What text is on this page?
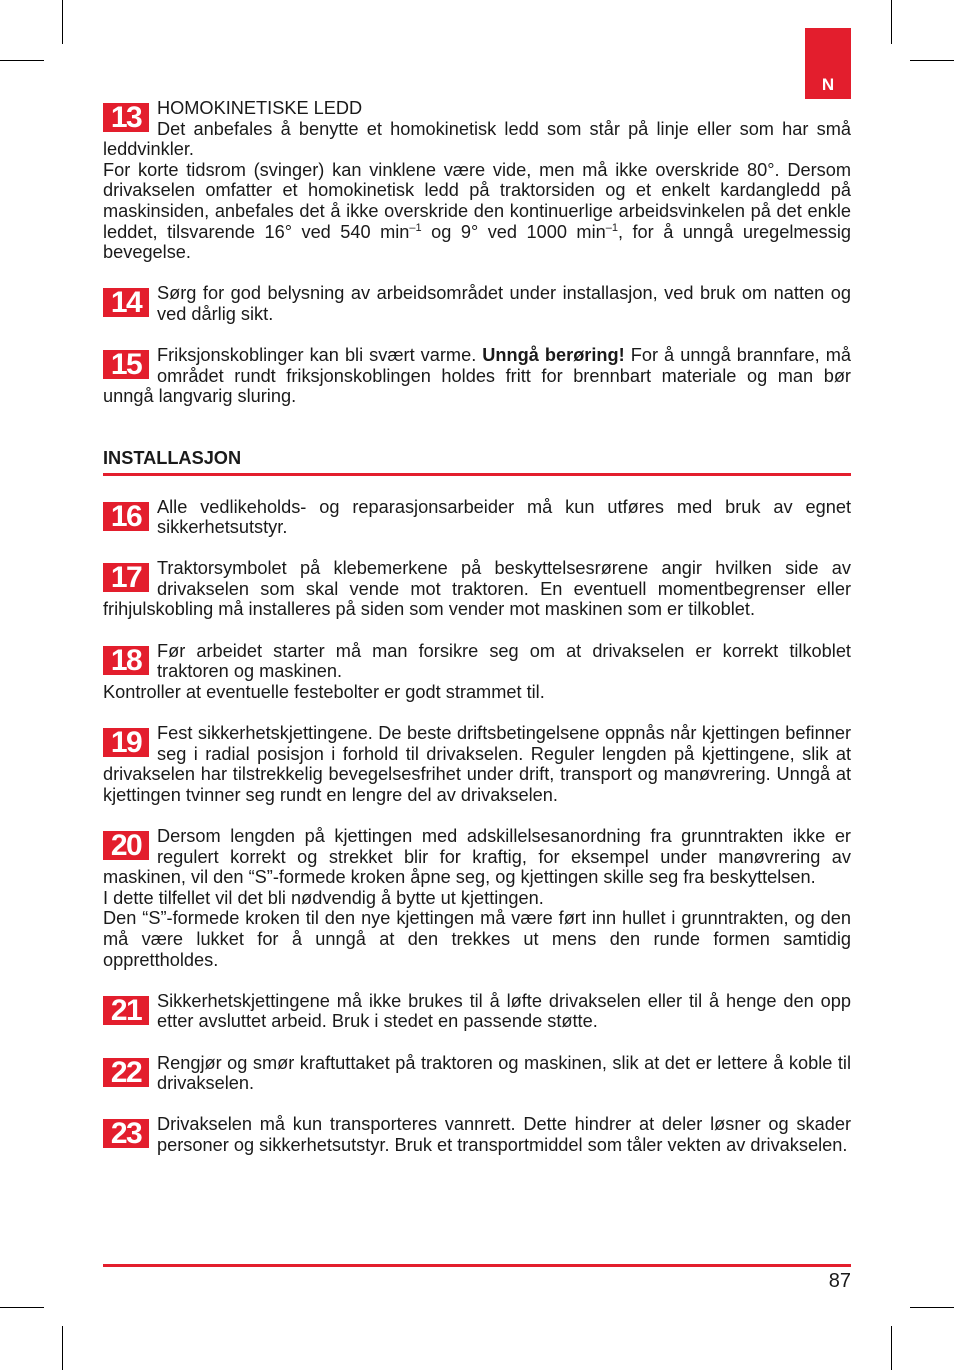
N
13 HOMOKINETISKE LEDD

Det anbefales å benytte et homokinetisk ledd som står på linje eller som har små leddvinkler.

For korte tidsrom (svinger) kan vinklene være vide, men må ikke overskride 80°. Dersom drivakselen omfatter et homokinetisk ledd på traktorsiden og et enkelt kardangledd på maskinsiden, anbefales det å ikke overskride den kontinuerlige arbeidsvinkelen på det enkle leddet, tilsvarende 16° ved 540 $\min^{-1}$ og 9° ved 1000 $\min^{-1}$, for å unngå uregelmessig bevegelse.

14 Sørg for god belysning av arbeidsområdet under installasjon, ved bruk om natten og ved dårlig sikt.

15 Friksjonskoblinger kan bli svært varme. Unngå berøring! For å unngå brannfare, må området rundt friksjonskoblingen holdes fritt for brennbart materiale og man bør unngå langvarig sluring.

INSTALLASJON
16 Alle vedlikeholds- og reparasjonsarbeider må kun utføres med bruk av egnet sikkerhetsutstyr.

17 Traktorsymbolet på klebemerkene på beskyttelsesrørene angir hvilken side av drivakselen som skal vende mot traktoren. En eventuell momentbegrenser eller frihjulskobling må installeres på siden som vender mot maskinen som er tilkoblet.

18 Før arbeidet starter må man forsikre seg om at drivakselen er korrekt tilkoblet traktoren og maskinen.

Kontroller at eventuelle festebolter er godt strammet til.

19 Fest sikkerhetskjettingene. De beste driftsbetingelsene oppnås når kjettingen befinner seg i radial posisjon i forhold til drivakselen. Reguler lengden på kjettingene, slik at drivakselen har tilstrekkelig bevegelsesfrihet under drift, transport og manøvrering. Unngå at kjettingen tvinner seg rundt en lengre del av drivakselen.

20 Dersom lengden på kjettingen med adskillelsesanordning fra grunntrakten ikke er regulert korrekt og strekket blir for kraftig, for eksempel under manøvrering av maskinen, vil den “S”-formede kroken åpne seg, og kjettingen skille seg fra beskyttelsen.

I dette tilfellet vil det bli nødvendig å bytte ut kjettingen.

Den “S”-formede kroken til den nye kjettingen må være ført inn hullet i grunntrakten, og den må være lukket for å unngå at den trekkes ut mens den runde formen samtidig opprettholdes.

21 Sikkerhetskjettingene må ikke brukes til å løfte drivakselen eller til å henge den opp etter avsluttet arbeid. Bruk i stedet en passende støtte.

22 Rengjør og smør kraftuttaket på traktoren og maskinen, slik at det er lettere å koble til drivakselen.

23 Drivakselen må kun transporteres vannrett. Dette hindrer at deler løsner og skader personer og sikkerhetsutstyr. Bruk et transportmiddel som tåler vekten av drivakselen.

87
